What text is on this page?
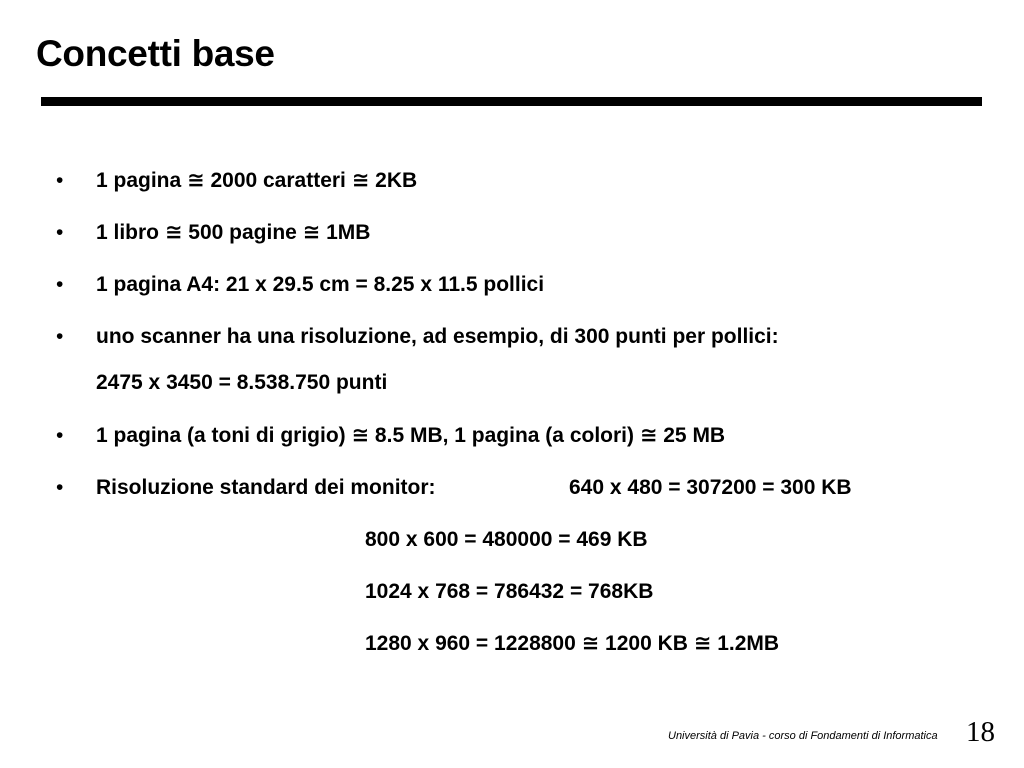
Concetti base
• 1 pagina ≅ 2000 caratteri ≅ 2KB
• 1 libro ≅ 500 pagine ≅ 1MB
• 1 pagina A4: 21 x 29.5 cm = 8.25 x 11.5 pollici
• uno scanner ha una risoluzione, ad esempio, di 300 punti per pollici:
2475 x 3450 = 8.538.750 punti
• 1 pagina (a toni di grigio) ≅ 8.5 MB, 1 pagina (a colori) ≅ 25 MB
• Risoluzione standard dei monitor:	640 x 480 = 307200 = 300 KB
800 x 600 = 480000 = 469 KB
1024 x 768 = 786432 = 768KB
1280 x 960 = 1228800 ≅ 1200 KB ≅ 1.2MB
Università di Pavia - corso di Fondamenti di Informatica 18
